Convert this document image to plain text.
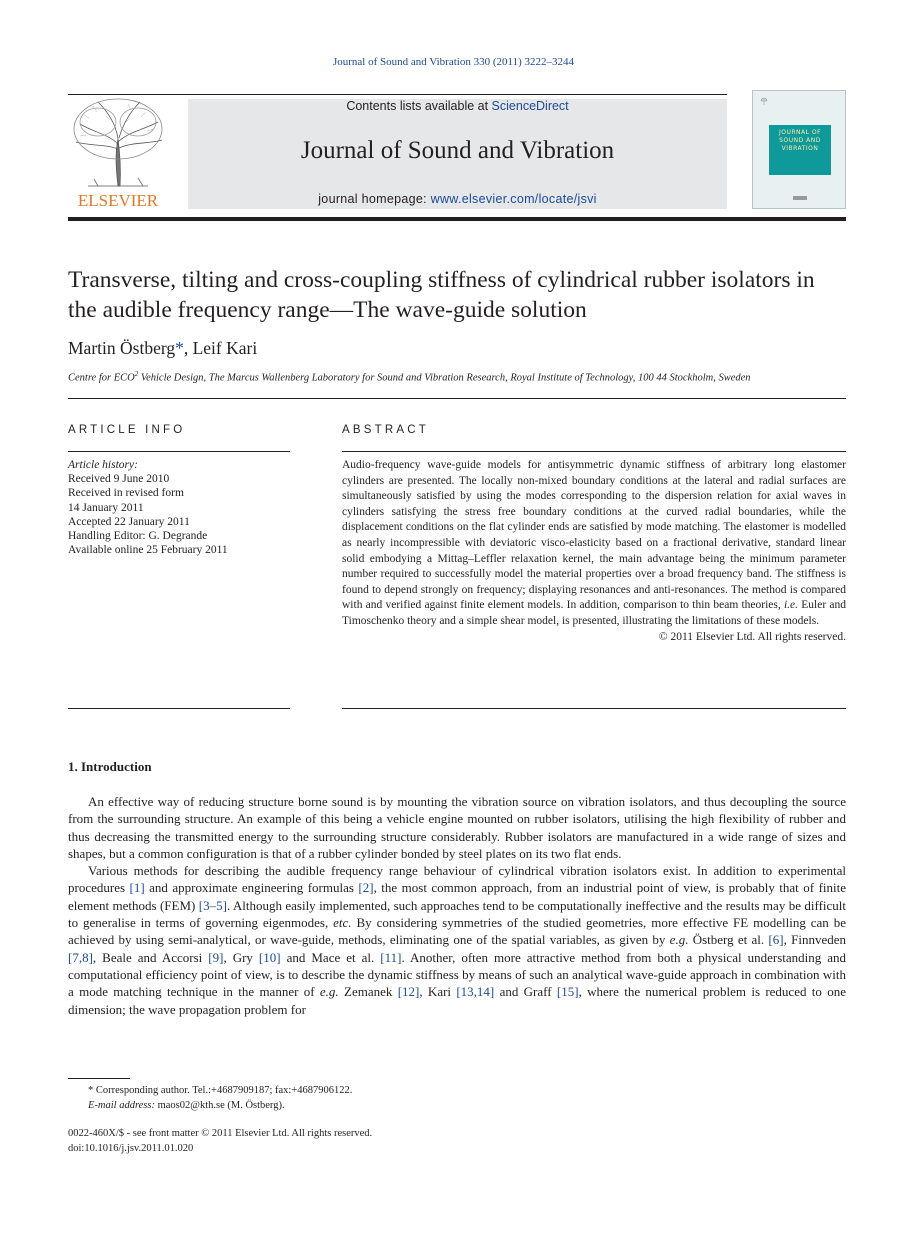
Journal of Sound and Vibration 330 (2011) 3222–3244
ELSEVIER
Contents lists available at ScienceDirect
Journal of Sound and Vibration
journal homepage: www.elsevier.com/locate/jsvi
JOURNAL OF
SOUND AND
VIBRATION
Transverse, tilting and cross-coupling stiffness of cylindrical rubber isolators in the audible frequency range—The wave-guide solution
Martin Östberg*, Leif Kari
Centre for ECO$^2$ Vehicle Design, The Marcus Wallenberg Laboratory for Sound and Vibration Research, Royal Institute of Technology, 100 44 Stockholm, Sweden
ARTICLE INFO
Article history:
Received 9 June 2010
Received in revised form
14 January 2011
Accepted 22 January 2011
Handling Editor: G. Degrande
Available online 25 February 2011
ABSTRACT
Audio-frequency wave-guide models for antisymmetric dynamic stiffness of arbitrary long elastomer cylinders are presented. The locally non-mixed boundary conditions at the lateral and radial surfaces are simultaneously satisfied by using the modes corresponding to the dispersion relation for axial waves in cylinders satisfying the stress free boundary conditions at the curved radial boundaries, while the displacement conditions on the flat cylinder ends are satisfied by mode matching. The elastomer is modelled as nearly incompressible with deviatoric visco-elasticity based on a fractional derivative, standard linear solid embodying a Mittag–Leffler relaxation kernel, the main advantage being the minimum parameter number required to successfully model the material properties over a broad frequency band. The stiffness is found to depend strongly on frequency; displaying resonances and anti-resonances. The method is compared with and verified against finite element models. In addition, comparison to thin beam theories, i.e. Euler and Timoschenko theory and a simple shear model, is presented, illustrating the limitations of these models.
© 2011 Elsevier Ltd. All rights reserved.
1. Introduction

An effective way of reducing structure borne sound is by mounting the vibration source on vibration isolators, and thus decoupling the source from the surrounding structure. An example of this being a vehicle engine mounted on rubber isolators, utilising the high flexibility of rubber and thus decreasing the transmitted energy to the surrounding structure considerably. Rubber isolators are manufactured in a wide range of sizes and shapes, but a common configuration is that of a rubber cylinder bonded by steel plates on its two flat ends.

Various methods for describing the audible frequency range behaviour of cylindrical vibration isolators exist. In addition to experimental procedures [1] and approximate engineering formulas [2], the most common approach, from an industrial point of view, is probably that of finite element methods (FEM) [3–5]. Although easily implemented, such approaches tend to be computationally ineffective and the results may be difficult to generalise in terms of governing eigenmodes, etc. By considering symmetries of the studied geometries, more effective FE modelling can be achieved by using semi-analytical, or wave-guide, methods, eliminating one of the spatial variables, as given by e.g. Östberg et al. [6], Finnveden [7,8], Beale and Accorsi [9], Gry [10] and Mace et al. [11]. Another, often more attractive method from both a physical understanding and computational efficiency point of view, is to describe the dynamic stiffness by means of such an analytical wave-guide approach in combination with a mode matching technique in the manner of e.g. Zemanek [12], Kari [13,14] and Graff [15], where the numerical problem is reduced to one dimension; the wave propagation problem for

* Corresponding author. Tel.:+4687909187; fax:+4687906122.
E-mail address: maos02@kth.se (M. Östberg).
0022-460X/$ - see front matter © 2011 Elsevier Ltd. All rights reserved.
doi:10.1016/j.jsv.2011.01.020
